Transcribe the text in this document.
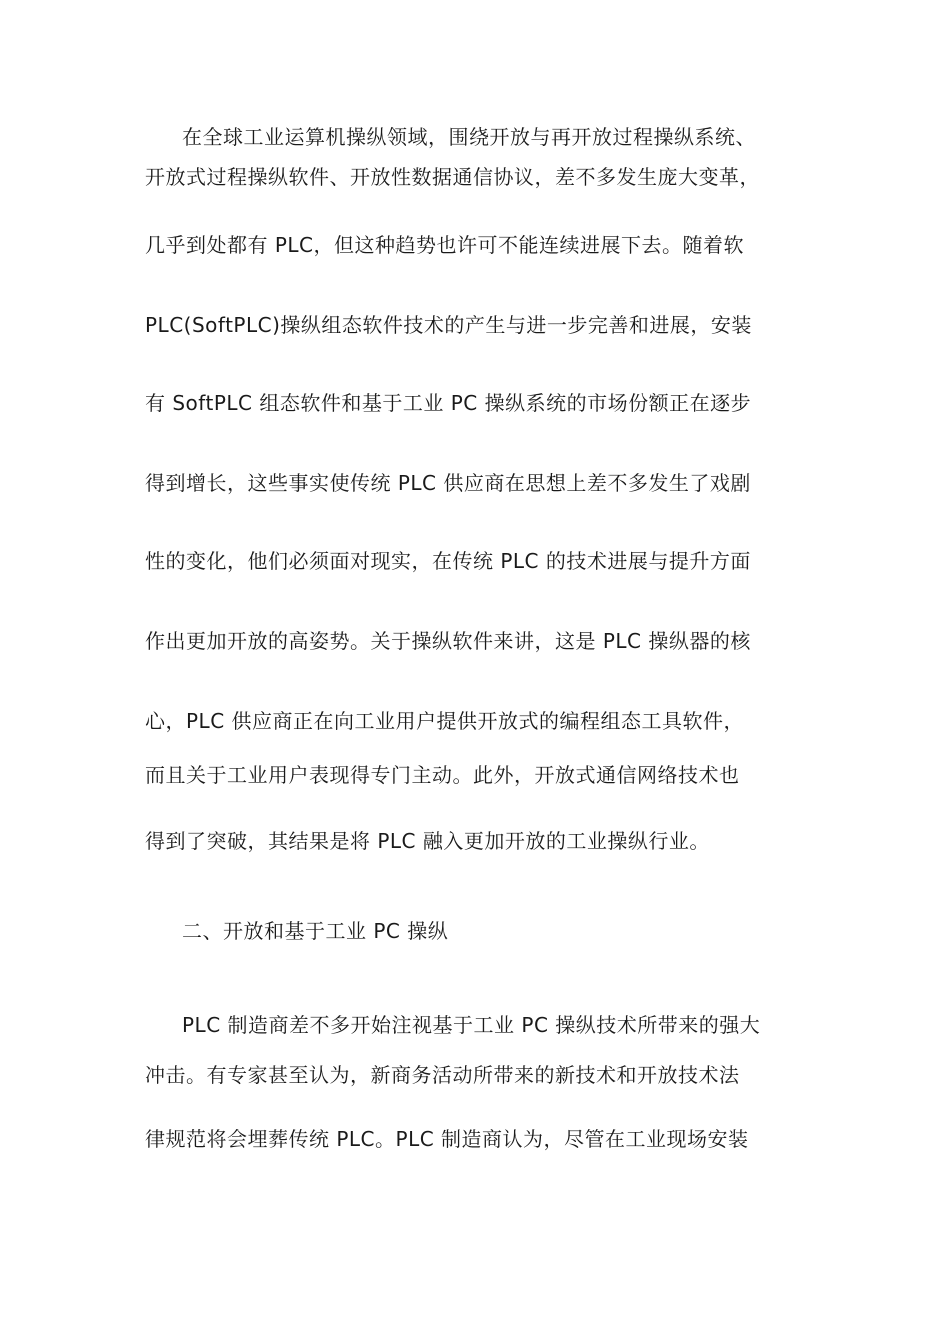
在全球工业运算机操纵领域，围绕开放与再开放过程操纵系统、
开放式过程操纵软件、开放性数据通信协议，差不多发生庞大变革，
几乎到处都有 PLC，但这种趋势也许可不能连续进展下去。随着软
PLC(SoftPLC)操纵组态软件技术的产生与进一步完善和进展，安装
有 SoftPLC 组态软件和基于工业 PC 操纵系统的市场份额正在逐步
得到增长，这些事实使传统 PLC 供应商在思想上差不多发生了戏剧
性的变化，他们必须面对现实，在传统 PLC 的技术进展与提升方面
作出更加开放的高姿势。关于操纵软件来讲，这是 PLC 操纵器的核
心，PLC 供应商正在向工业用户提供开放式的编程组态工具软件，
而且关于工业用户表现得专门主动。此外，开放式通信网络技术也
得到了突破，其结果是将 PLC 融入更加开放的工业操纵行业。
二、开放和基于工业 PC 操纵
PLC 制造商差不多开始注视基于工业 PC 操纵技术所带来的强大
冲击。有专家甚至认为，新商务活动所带来的新技术和开放技术法
律规范将会埋葬传统 PLC。PLC 制造商认为，尽管在工业现场安装
